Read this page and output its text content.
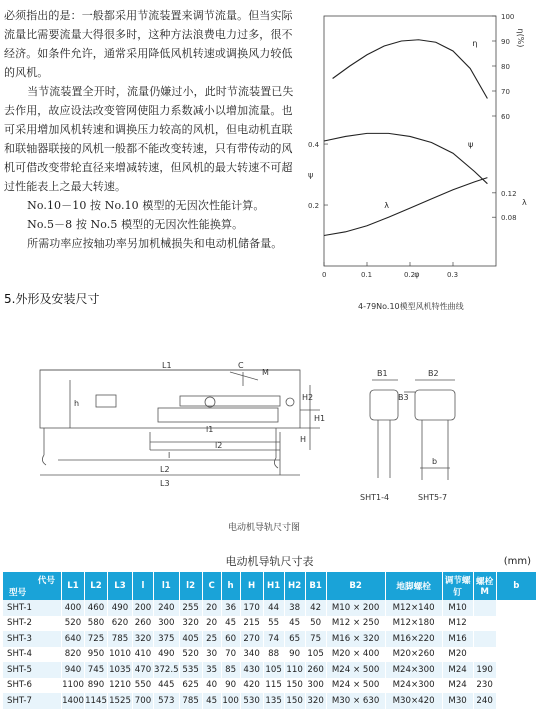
必须指出的是：一般都采用节流装置来调节流量。但当实际流量比需要流量大得很多时，这种方法浪费电力过多，很不经济。如条件允许，通常采用降低风机转速或调换风力较低的风机。

当节流装置全开时，流量仍嫌过小，此时节流装置已失去作用，故应设法改变管网使阻力系数减小以增加流量。也可采用增加风机转速和调换压力较高的风机，但电动机直联和联轴器联接的风机一般都不能改变转速，只有带传动的风机可借改变带轮直径来增减转速，但风机的最大转速不可超过性能表上之最大转速。

No.10－10 按 No.10 模型的无因次性能计算。

No.5－8 按 No.5 模型的无因次性能换算。

所需功率应按轴功率另加机械损失和电动机储备量。

0	0.1	0.2	0.3
φ
0.2
0.4
ψ
60
70
80
90
100
η(%)
0.08
0.12
λ
η
ψ
λ
4-79No.10模型风机特性曲线
5.外形及安装尺寸
L1	C
M
h
H
H1
H2
l1
l2
l
L2
L3
B1	B2
B3
b
SHT1-4	SHT5-7
电动机导轨尺寸图
电动机导轨尺寸表	(mm)
代号
型号	L1	L2	L3	l	l1	l2	C	h	H	H1	H2	B1	B2	地脚螺栓	调节螺钉	螺栓M	b
SHT-1	400	460	490	200	240	255	20	36	170	44	38	42	M10 × 200	M12×140	M10		
SHT-2	520	580	620	260	300	320	20	45	215	55	45	50	M12 × 250	M12×180	M12		
SHT-3	640	725	785	320	375	405	25	60	270	74	65	75	M16 × 320	M16×220	M16		
SHT-4	820	950	1010	410	490	520	30	70	340	88	90	105	M20 × 400	M20×260	M20		
SHT-5	940	745	1035	470	372.5	535	35	85	430	105	110	260	M24 × 500	M24×300	M24	190	
SHT-6	1100	890	1210	550	445	625	40	90	420	115	150	300	M24 × 500	M24×300	M24	230	
SHT-7	1400	1145	1525	700	573	785	45	100	530	135	150	320	M30 × 630	M30×420	M30	240	
